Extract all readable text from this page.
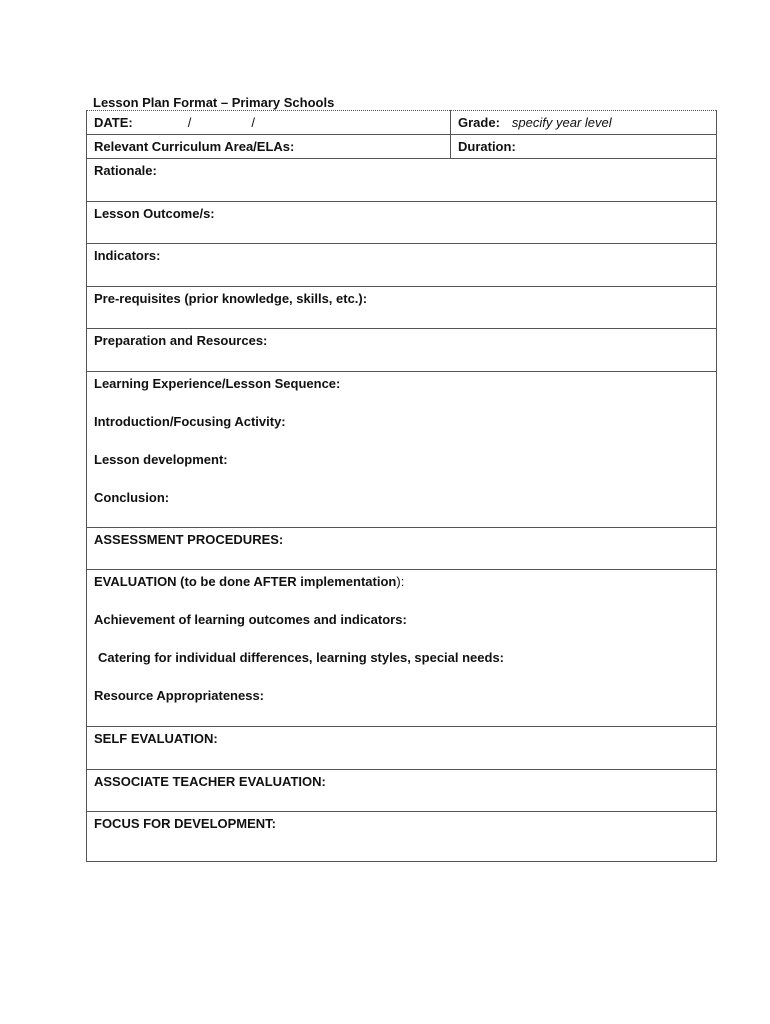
Lesson Plan Format – Primary Schools
DATE: / /	Grade: specify year level
Relevant Curriculum Area/ELAs:	Duration:

Rationale:	

Lesson Outcome/s:	

Indicators:	

Pre-requisites (prior knowledge, skills, etc.):	

Preparation and Resources:	

Learning Experience/Lesson Sequence:
Introduction/Focusing Activity:
Lesson development:
Conclusion:	

ASSESSMENT PROCEDURES:	

EVALUATION (to be done AFTER implementation):
Achievement of learning outcomes and indicators:
Catering for individual differences, learning styles, special needs:
Resource Appropriateness:	

SELF EVALUATION:	

ASSOCIATE TEACHER EVALUATION:	

FOCUS FOR DEVELOPMENT:	
